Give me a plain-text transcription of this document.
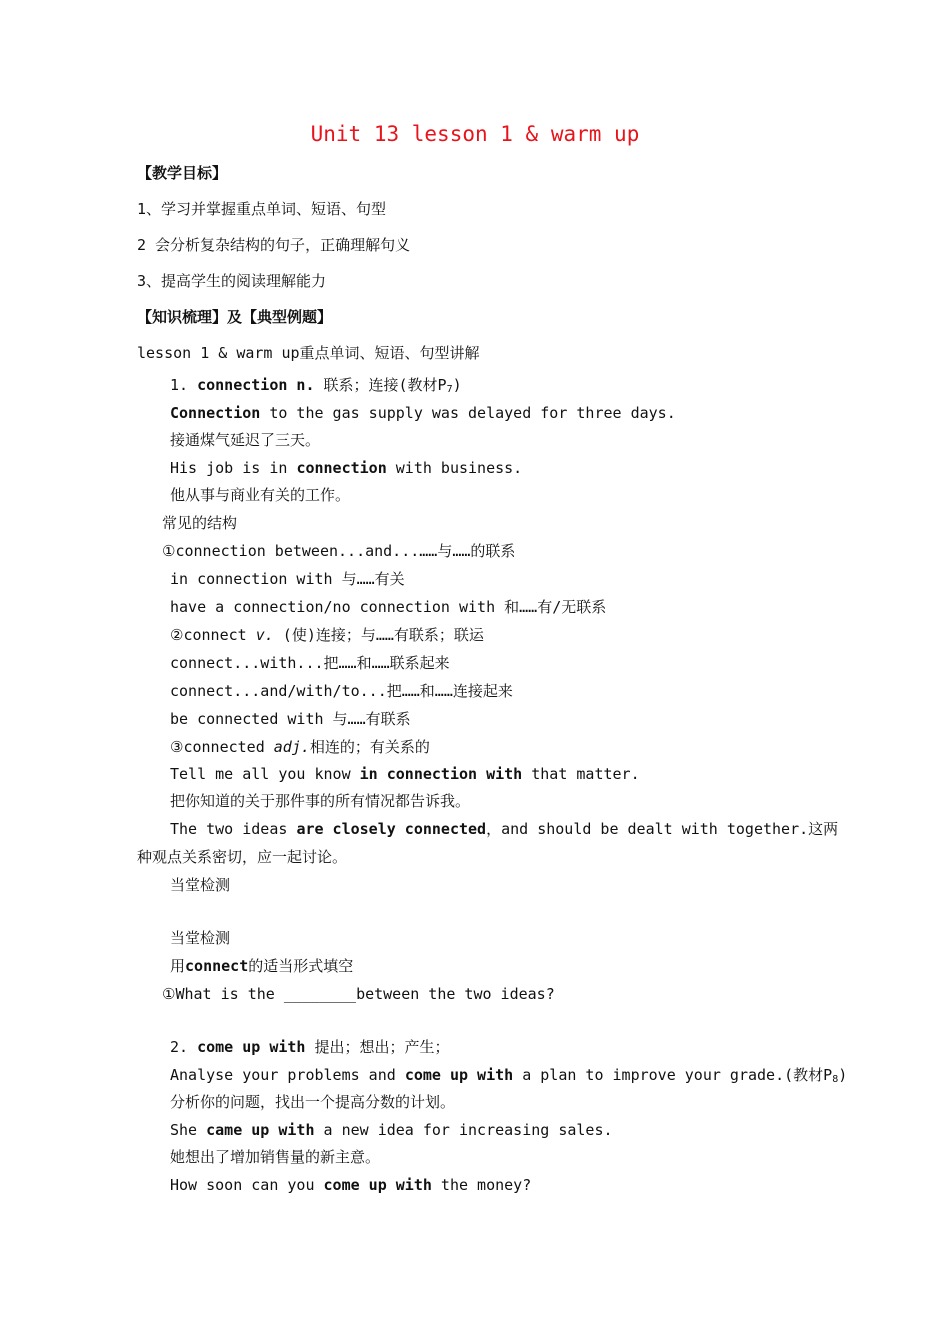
Unit 13 lesson 1 & warm up
【教学目标】
1、学习并掌握重点单词、短语、句型
2 会分析复杂结构的句子，正确理解句义
3、提高学生的阅读理解能力
【知识梳理】及【典型例题】
lesson 1 & warm up重点单词、短语、句型讲解
1. connection n. 联系；连接(教材$P_7$)
Connection to the gas supply was delayed for three days.
接通煤气延迟了三天。
His job is in connection with business.
他从事与商业有关的工作。
常见的结构
①connection between...and...……与……的联系
in connection with 与……有关
have a connection/no connection with 和……有/无联系
②connect v. (使)连接；与……有联系；联运
connect...with...把……和……联系起来
connect...and/with/to...把……和……连接起来
be connected with 与……有联系
③connected adj.相连的；有关系的
Tell me all you know in connection with that matter.
把你知道的关于那件事的所有情况都告诉我。
The two ideas are closely connected，and should be dealt with together.这两
种观点关系密切，应一起讨论。
当堂检测
当堂检测
用connect的适当形式填空
①What is the ________between the two ideas?
2. come up with 提出；想出；产生；
Analyse your problems and come up with a plan to improve your grade.(教材$P_8$)
分析你的问题，找出一个提高分数的计划。
She came up with a new idea for increasing sales.
她想出了增加销售量的新主意。
How soon can you come up with the money?
